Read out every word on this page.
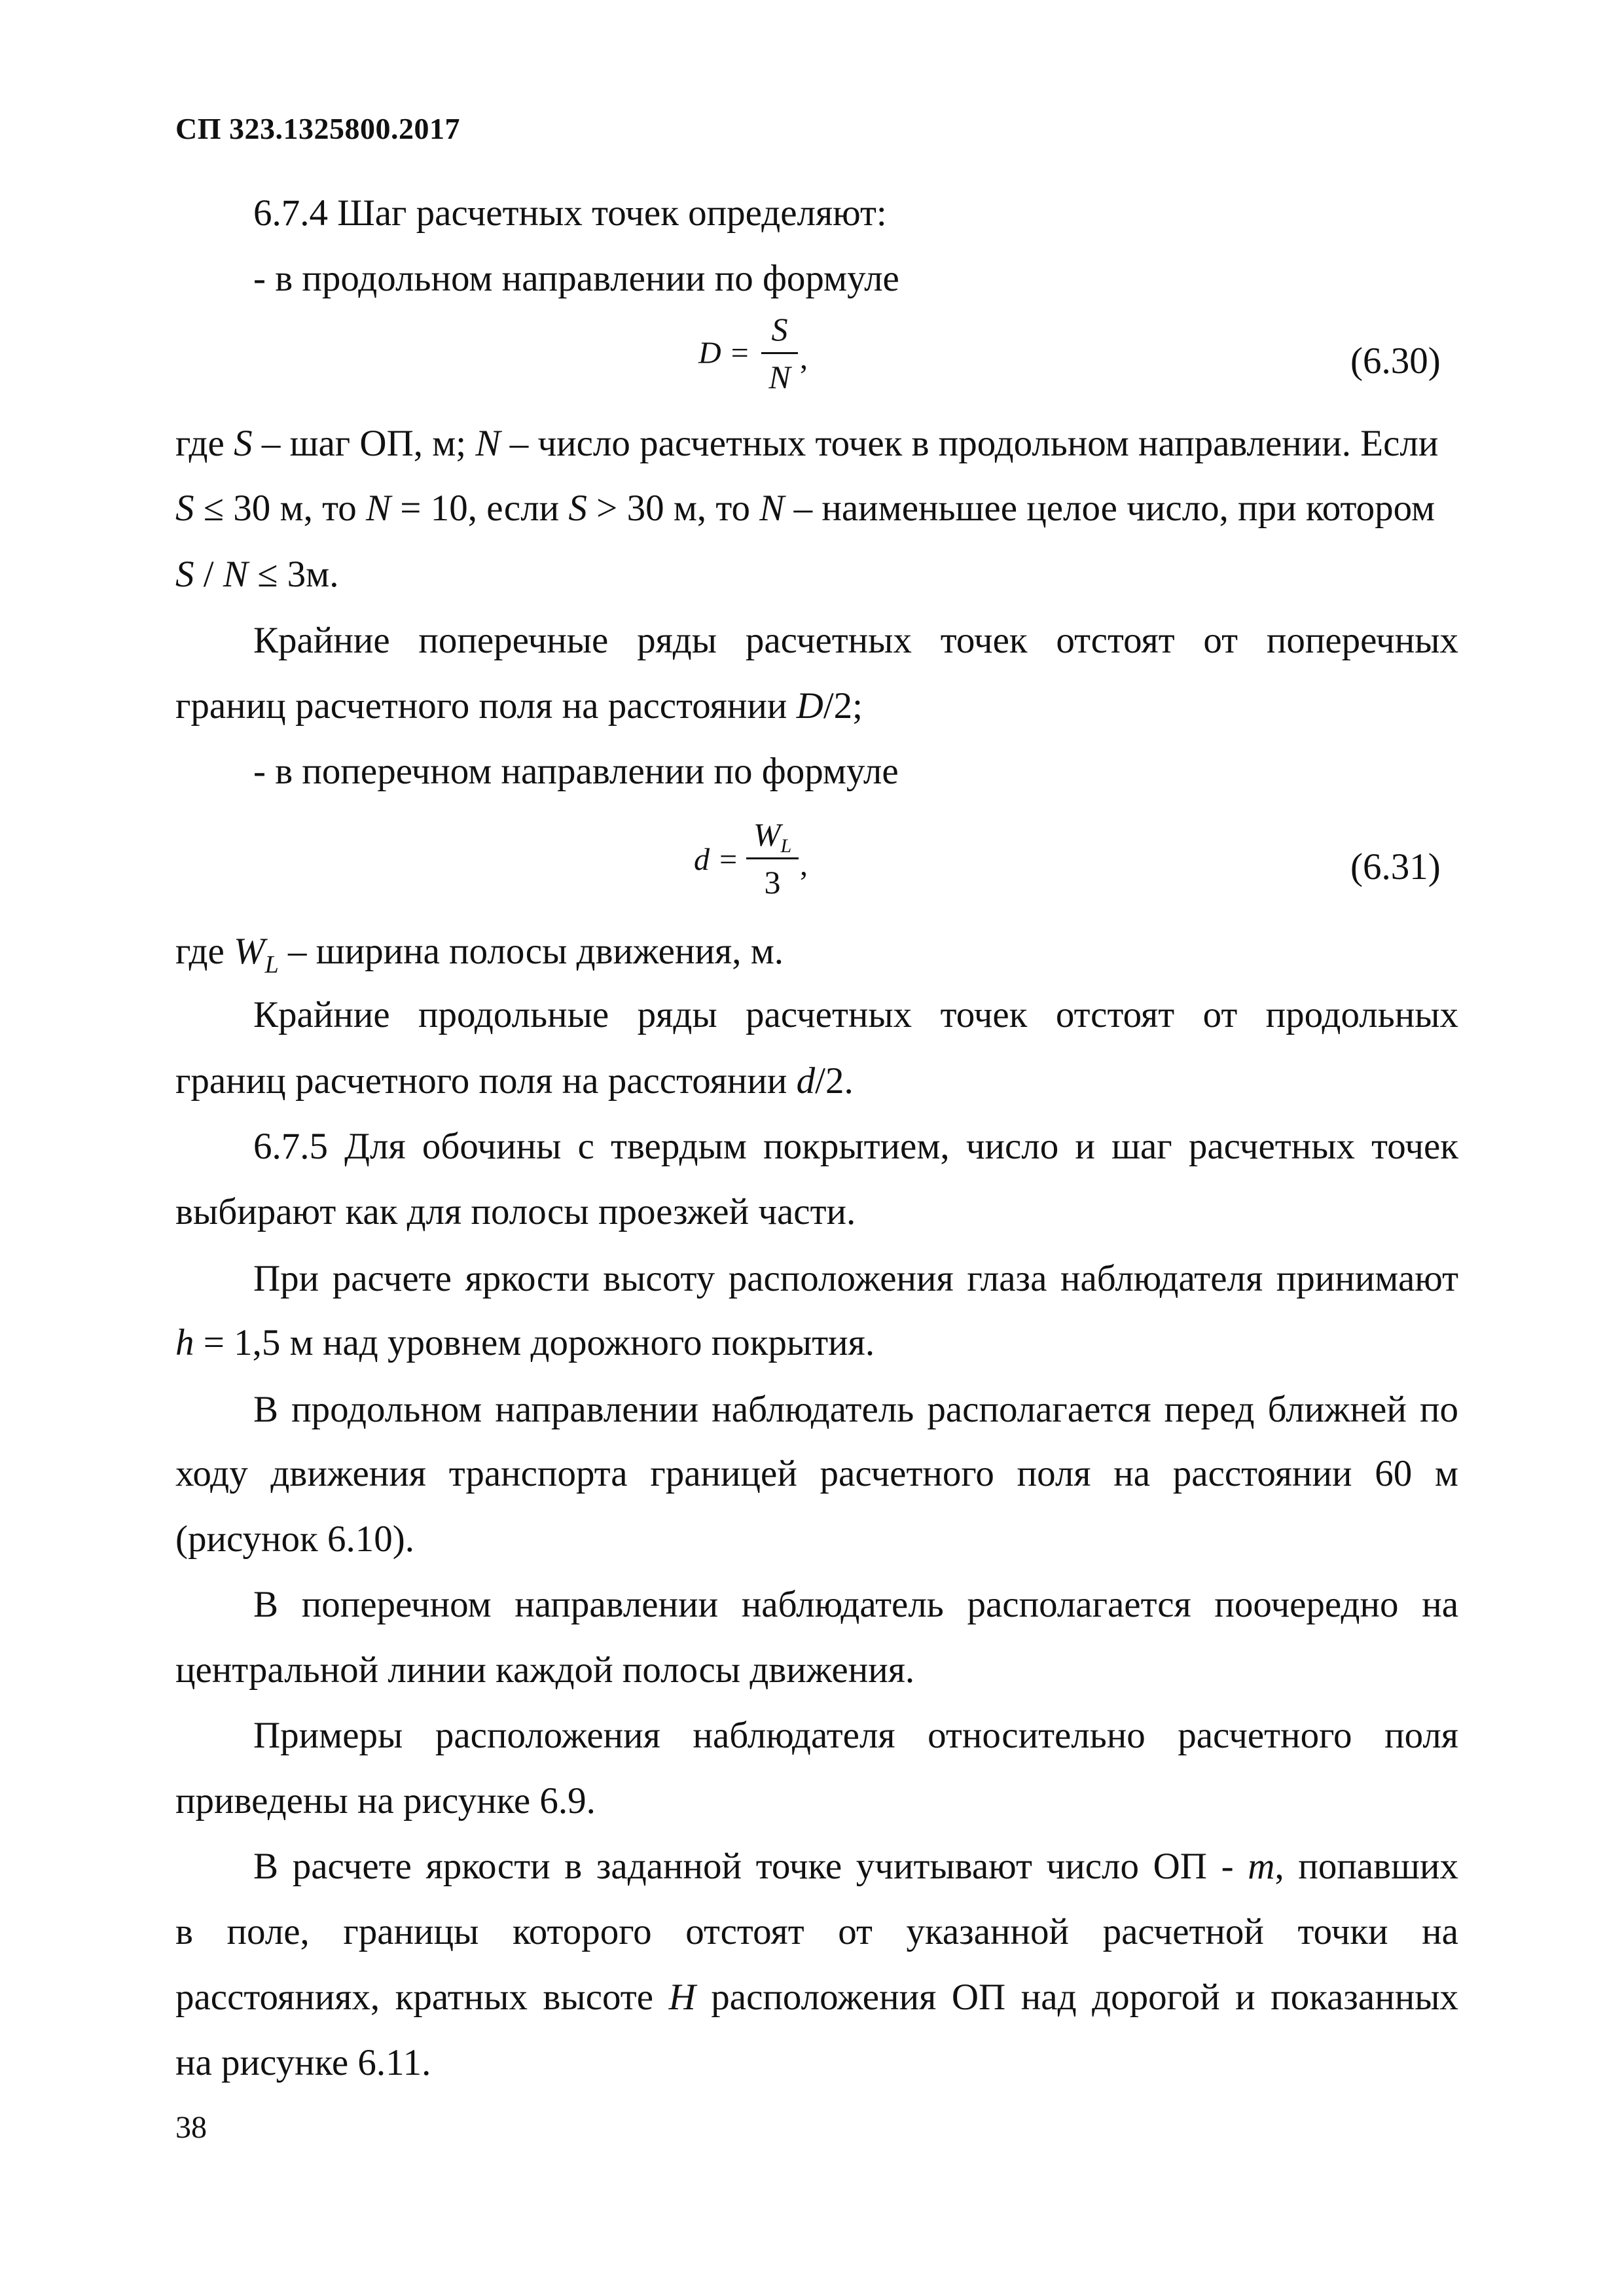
СП 323.1325800.2017
6.7.4 Шаг расчетных точек определяют:
- в продольном направлении по формуле
D =
S
N
,	(6.30)
где S – шаг ОП, м; N – число расчетных точек в продольном направлении. Если
S ≤ 30 м, то N = 10, если S > 30 м, то N – наименьшее целое число, при котором
S / N ≤ 3м.
Крайние поперечные ряды расчетных точек отстоят от поперечных
границ расчетного поля на расстоянии D/2;
- в поперечном направлении по формуле
d =
$W_L$
3 ,	(6.31)
где $W_L$ – ширина полосы движения, м.
Крайние продольные ряды расчетных точек отстоят от продольных
границ расчетного поля на расстоянии d/2.
6.7.5 Для обочины с твердым покрытием, число и шаг расчетных точек
выбирают как для полосы проезжей части.
При расчете яркости высоту расположения глаза наблюдателя принимают
h = 1,5 м над уровнем дорожного покрытия.
В продольном направлении наблюдатель располагается перед ближней по
ходу движения транспорта границей расчетного поля на расстоянии 60 м
(рисунок 6.10).
В поперечном направлении наблюдатель располагается поочередно на
центральной линии каждой полосы движения.
Примеры расположения наблюдателя относительно расчетного поля
приведены на рисунке 6.9.
В расчете яркости в заданной точке учитывают число ОП - m, попавших
в поле, границы которого отстоят от указанной расчетной точки на
расстояниях, кратных высоте H расположения ОП над дорогой и показанных
на рисунке 6.11.
38
